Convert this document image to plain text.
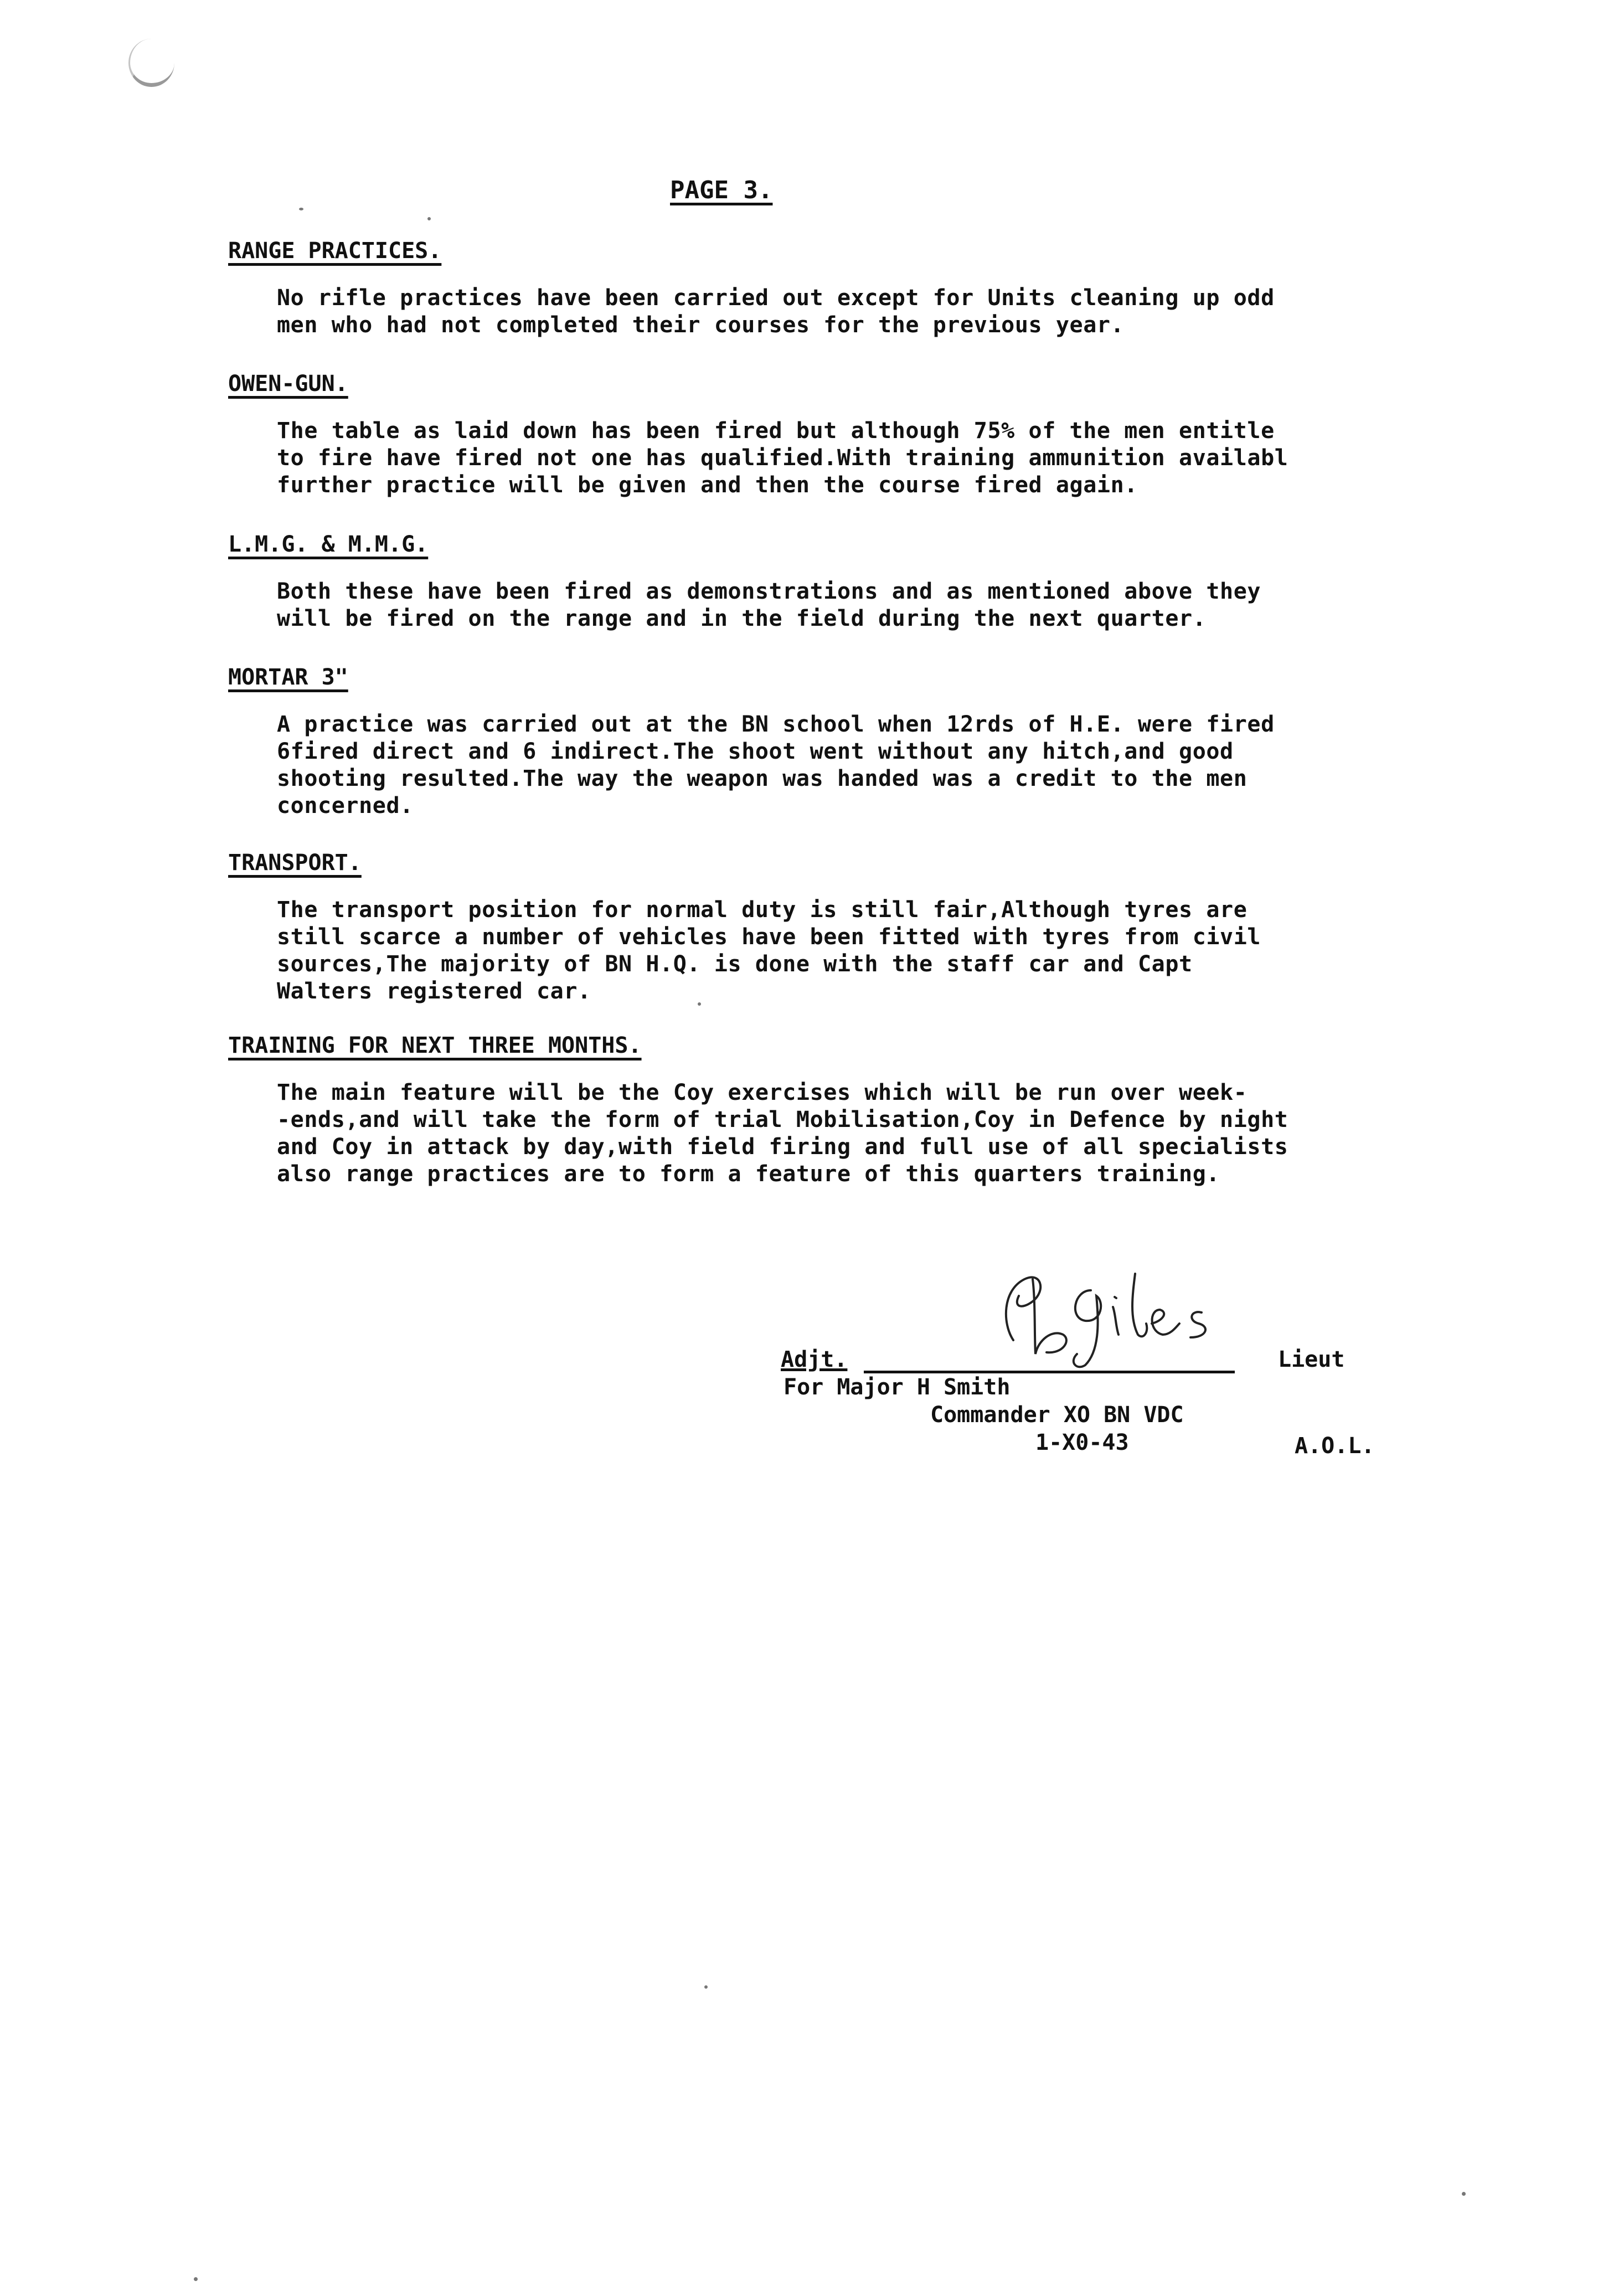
PAGE 3.
RANGE PRACTICES.
No rifle practices have been carried out except for Units cleaning up odd
men who had not completed their courses for the previous year.
OWEN-GUN.
The table as laid down has been fired but although 75% of the men entitle
to fire have fired not one has qualified.With training ammunition availabl
further practice will be given and then the course fired again.
L.M.G. & M.M.G.
Both these have been fired as demonstrations and as mentioned above they
will be fired on the range and in the field during the next quarter.
MORTAR 3"
A practice was carried out at the BN school when 12rds of H.E. were fired
6fired direct and 6 indirect.The shoot went without any hitch,and good
shooting resulted.The way the weapon was handed was a credit to the men
concerned.
TRANSPORT.
The transport position for normal duty is still fair,Although tyres are
still scarce a number of vehicles have been fitted with tyres from civil
sources,The majority of BN H.Q. is done with the staff car and Capt
Walters registered car.
TRAINING FOR NEXT THREE MONTHS.
The main feature will be the Coy exercises which will be run over week-
-ends,and will take the form of trial Mobilisation,Coy in Defence by night
and Coy in attack by day,with field firing and full use of all specialists
also range practices are to form a feature of this quarters training.
Adjt.	Lieut
For Major H Smith
Commander XO BN VDC
1-X0-43	A.O.L.
